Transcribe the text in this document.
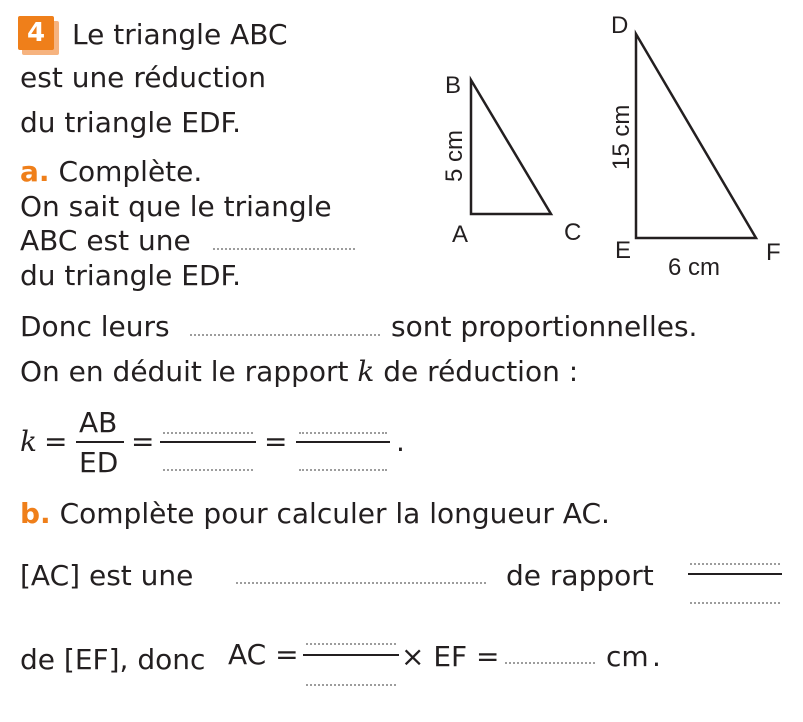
4 Le triangle ABC
est une réduction
du triangle EDF.
a. Complète.
On sait que le triangle
ABC est une
du triangle EDF.
Donc leurs	sont proportionnelles.
On en déduit le rapport k de réduction :
k =
AB
ED
=	=	.
b. Complète pour calculer la longueur AC.
[AC] est une	de rapport
de [EF], donc AC =	× EF =	cm .
B
A	C
5 cm
D
E	F
6 cm
15 cm
